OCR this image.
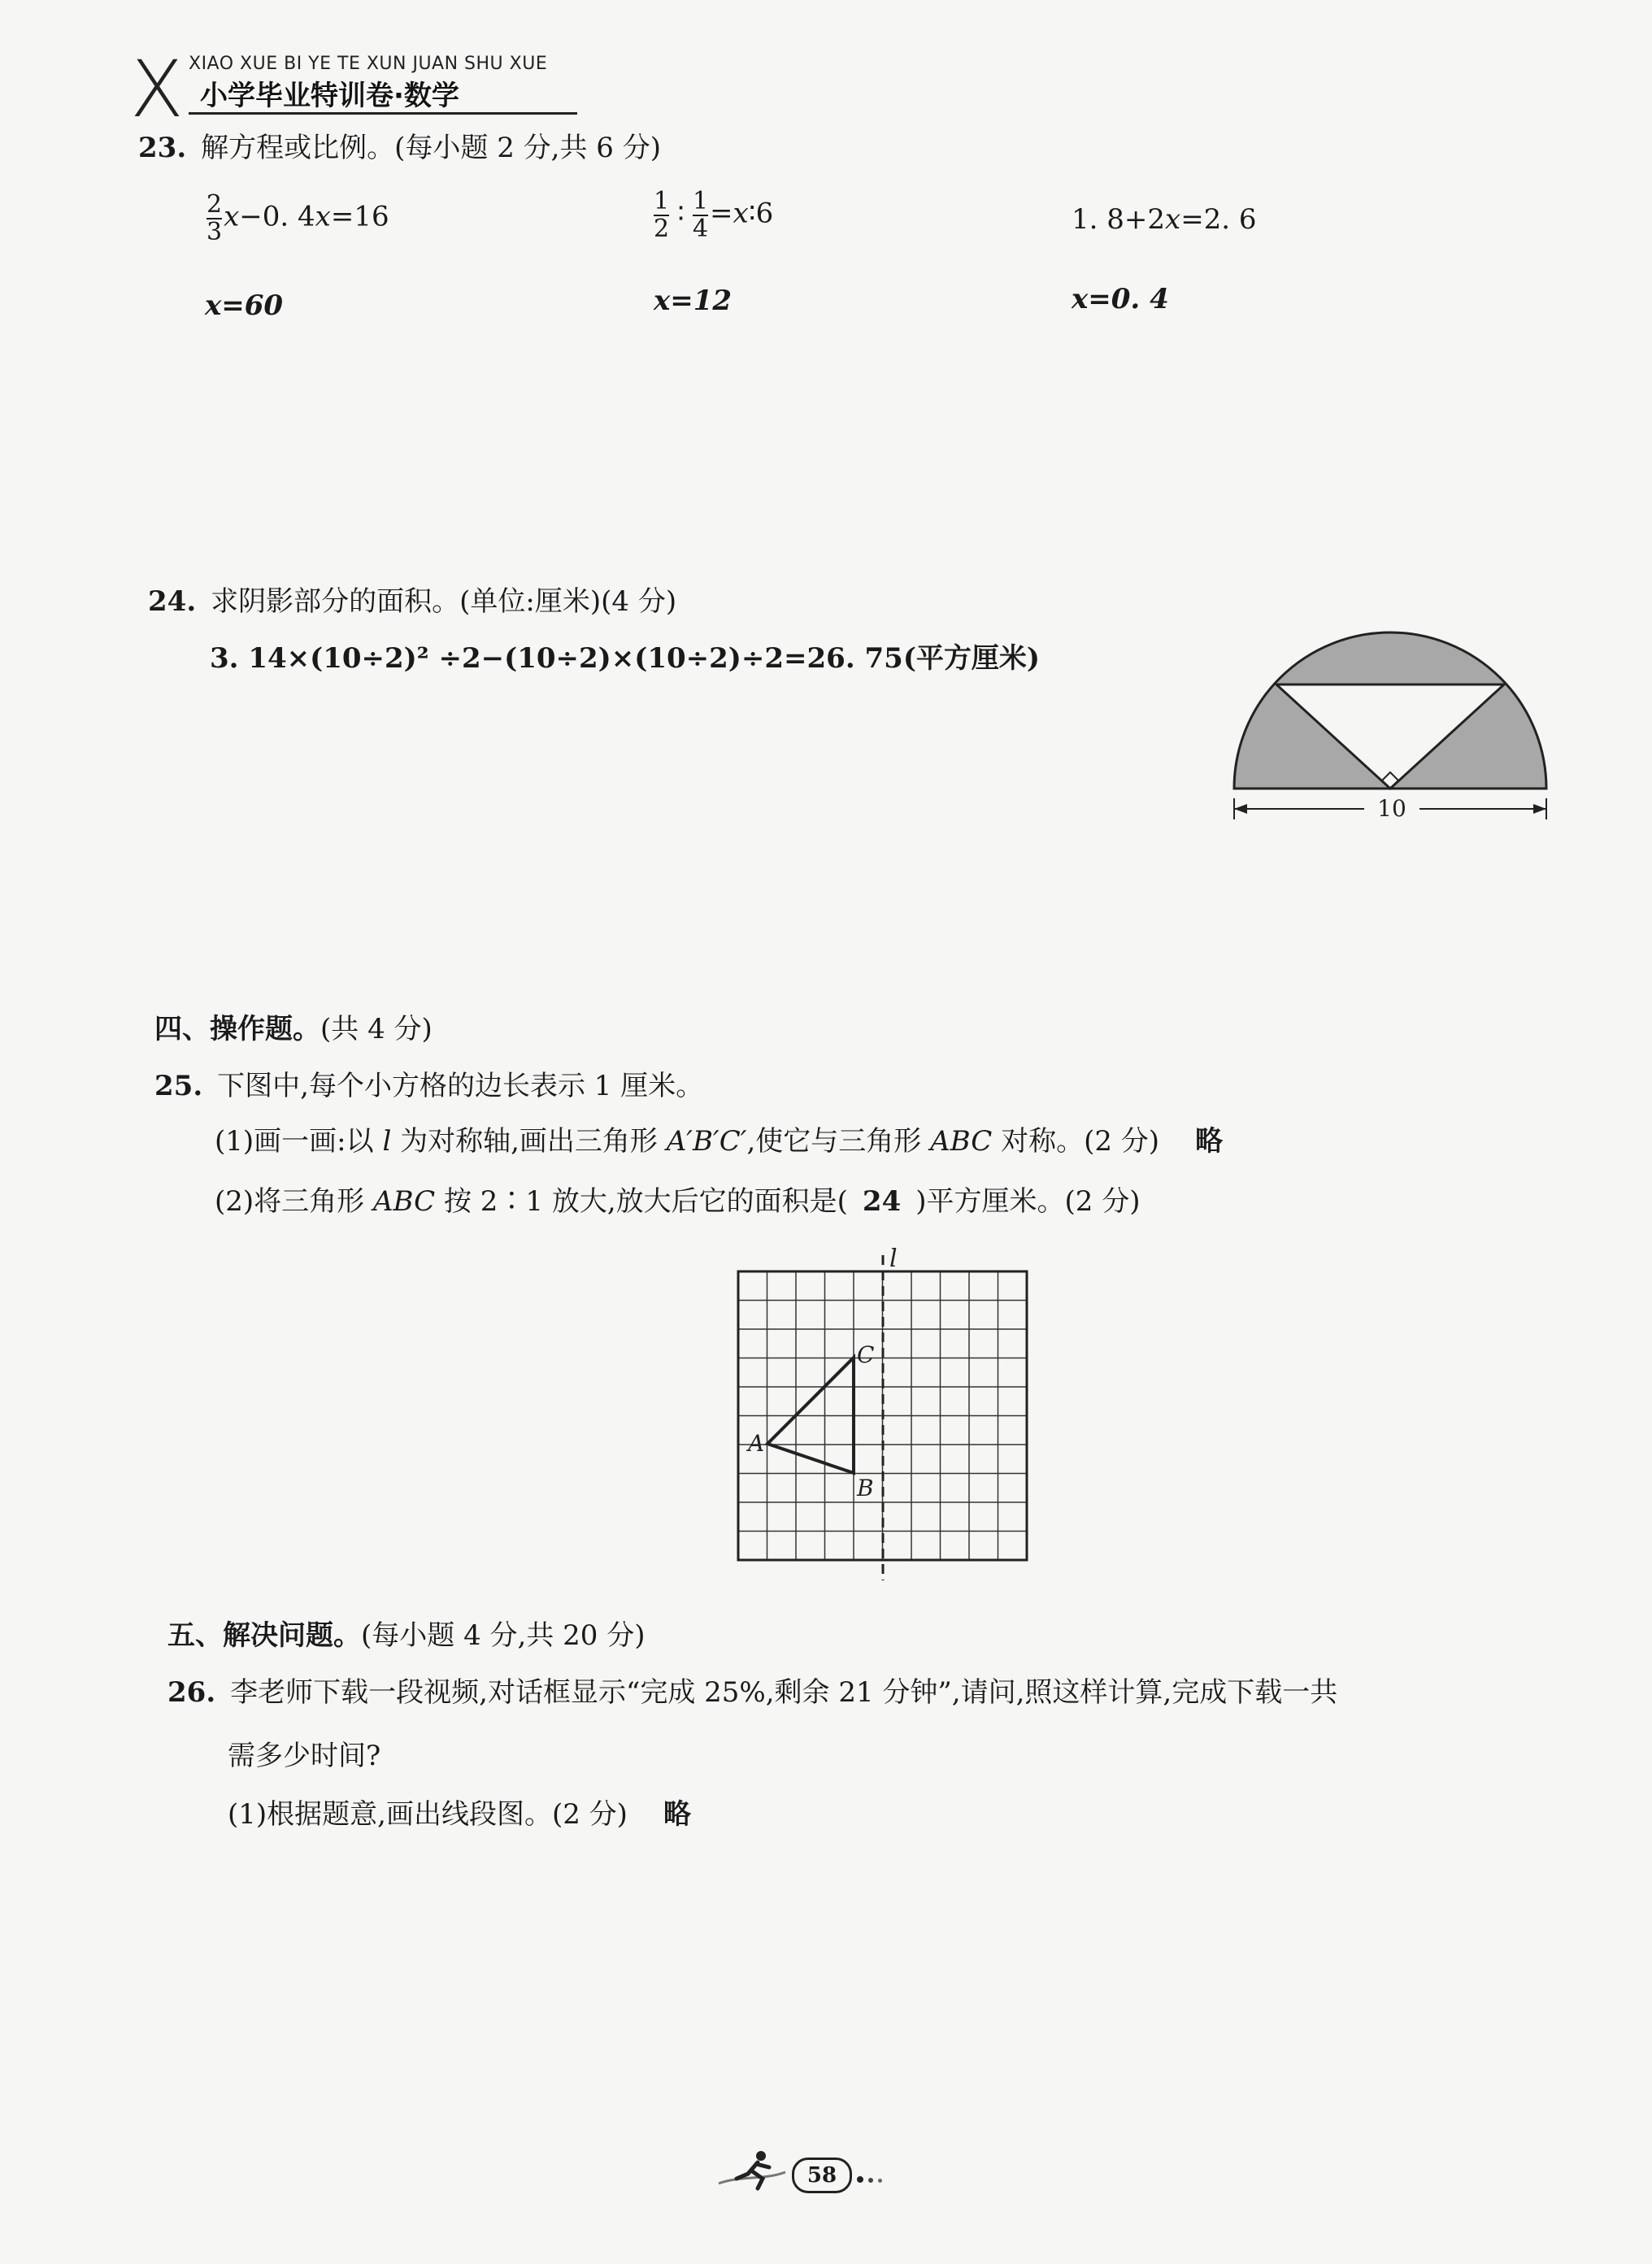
X XIAO XUE BI YE TE XUN JUAN SHU XUE
小学毕业特训卷·数学
23. 解方程或比例。(每小题 2 分,共 6 分)
$\frac{2}{3} x-0$. 4x=16
x=60
$\frac{1}{2}$ ∶ $\frac{1}{4}$ =x∶6
x=12
1. 8+2x=2. 6
x=0. 4
24. 求阴影部分的面积。(单位:厘米)(4 分)
3. 14×(10÷2)² ÷2−(10÷2)×(10÷2)÷2=26. 75(平方厘米)
10
四、操作题。(共 4 分)
25. 下图中,每个小方格的边长表示 1 厘米。
(1)画一画:以 l 为对称轴,画出三角形 A′B′C′,使它与三角形 ABC 对称。(2 分) 略
(2)将三角形 ABC 按 2∶1 放大,放大后它的面积是( 24 )平方厘米。(2 分)
l
A
B
C
五、解决问题。(每小题 4 分,共 20 分)
26. 李老师下载一段视频,对话框显示“完成 25%,剩余 21 分钟”,请问,照这样计算,完成下载一共
需多少时间?
(1)根据题意,画出线段图。(2 分) 略
58
